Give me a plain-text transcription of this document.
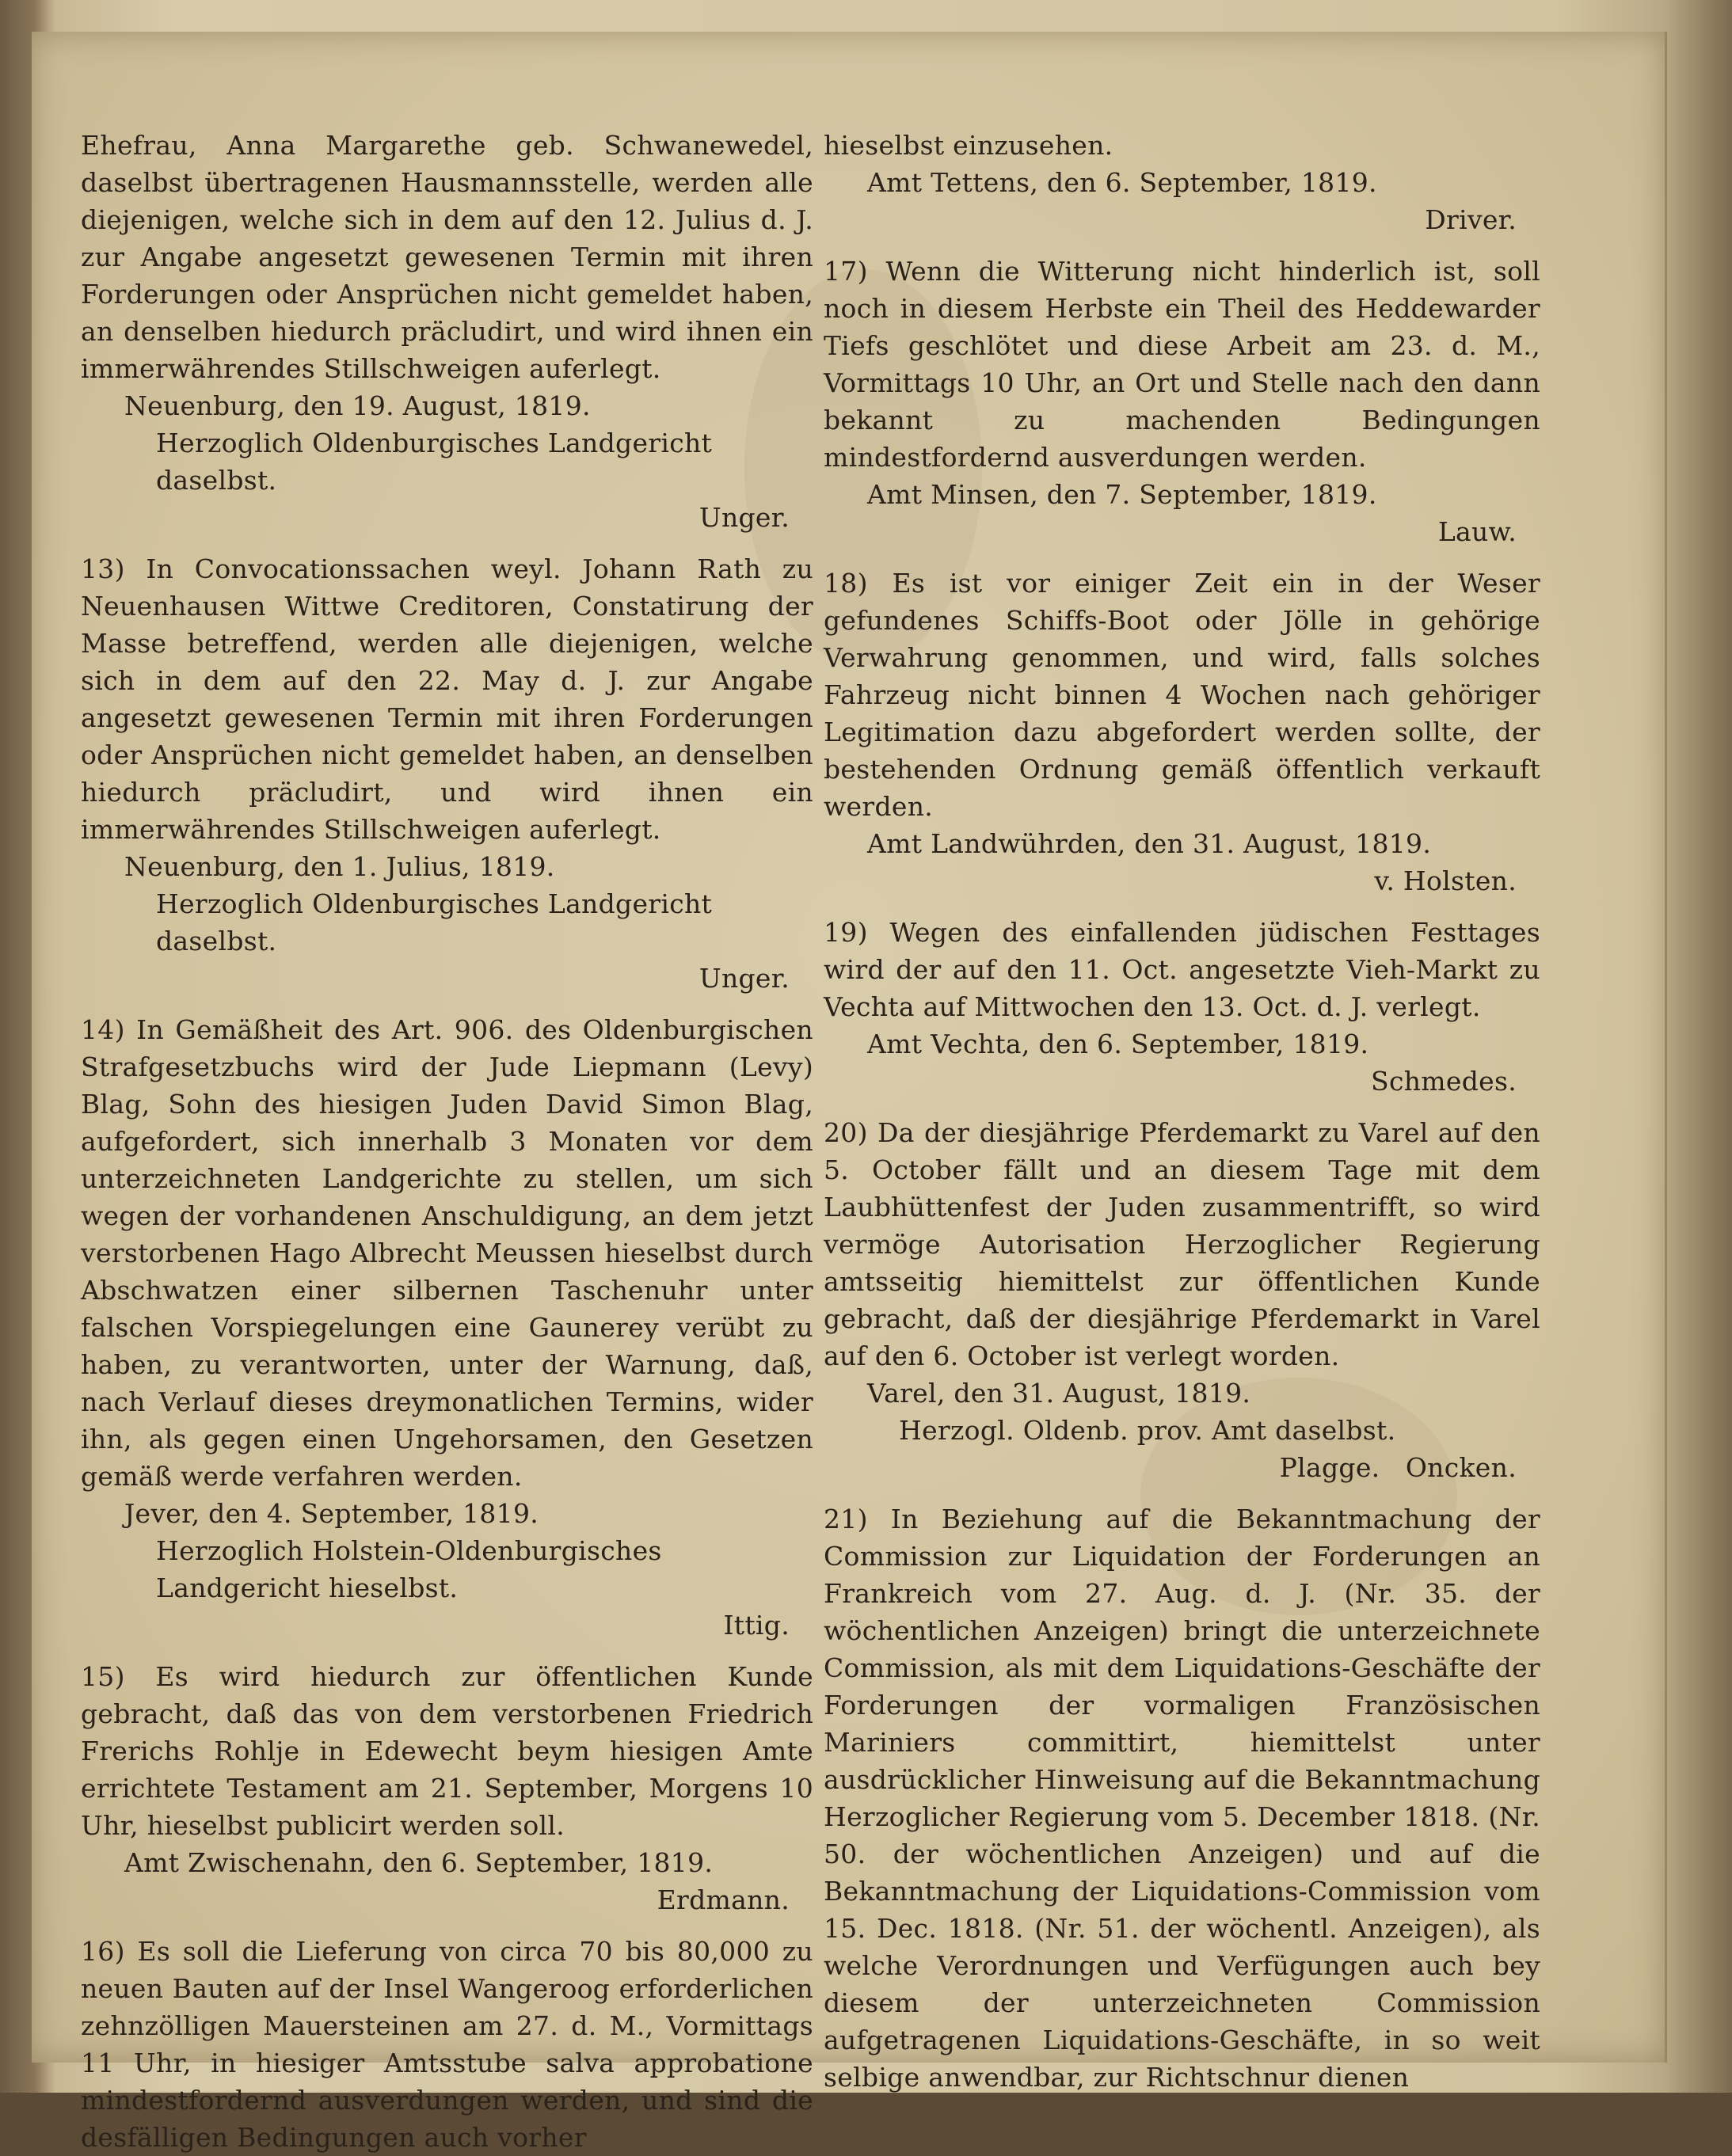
Ehefrau, Anna Margarethe geb. Schwanewedel, daselbst übertragenen Hausmannsstelle, werden alle diejenigen, welche sich in dem auf den 12. Julius d. J. zur Angabe angesetzt gewesenen Termin mit ihren Forderungen oder Ansprüchen nicht gemeldet haben, an denselben hiedurch präcludirt, und wird ihnen ein immerwährendes Stillschweigen auferlegt.

Neuenburg, den 19. August, 1819.
Herzoglich Oldenburgisches Landgericht daselbst.
Unger.

13) In Convocationssachen weyl. Johann Rath zu Neuenhausen Wittwe Creditoren, Constatirung der Masse betreffend, werden alle diejenigen, welche sich in dem auf den 22. May d. J. zur Angabe angesetzt gewesenen Termin mit ihren Forderungen oder Ansprüchen nicht gemeldet haben, an denselben hiedurch präcludirt, und wird ihnen ein immerwährendes Stillschweigen auferlegt.

Neuenburg, den 1. Julius, 1819.
Herzoglich Oldenburgisches Landgericht daselbst.
Unger.

14) In Gemäßheit des Art. 906. des Oldenburgischen Strafgesetzbuchs wird der Jude Liepmann (Levy) Blag, Sohn des hiesigen Juden David Simon Blag, aufgefordert, sich innerhalb 3 Monaten vor dem unterzeichneten Landgerichte zu stellen, um sich wegen der vorhandenen Anschuldigung, an dem jetzt verstorbenen Hago Albrecht Meussen hieselbst durch Abschwatzen einer silbernen Taschenuhr unter falschen Vorspiegelungen eine Gaunerey verübt zu haben, zu verantworten, unter der Warnung, daß, nach Verlauf dieses dreymonatlichen Termins, wider ihn, als gegen einen Ungehorsamen, den Gesetzen gemäß werde verfahren werden.

Jever, den 4. September, 1819.
Herzoglich Holstein-Oldenburgisches Landgericht hieselbst.
Ittig.

15) Es wird hiedurch zur öffentlichen Kunde gebracht, daß das von dem verstorbenen Friedrich Frerichs Rohlje in Edewecht beym hiesigen Amte errichtete Testament am 21. September, Morgens 10 Uhr, hieselbst publicirt werden soll.

Amt Zwischenahn, den 6. September, 1819.
Erdmann.

16) Es soll die Lieferung von circa 70 bis 80,000 zu neuen Bauten auf der Insel Wangeroog erforderlichen zehnzölligen Mauersteinen am 27. d. M., Vormittags 11 Uhr, in hiesiger Amtsstube salva approbatione mindestfordernd ausverdungen werden, und sind die desfälligen Bedingungen auch vorher

hieselbst einzusehen.

Amt Tettens, den 6. September, 1819.
Driver.

17) Wenn die Witterung nicht hinderlich ist, soll noch in diesem Herbste ein Theil des Heddewarder Tiefs geschlötet und diese Arbeit am 23. d. M., Vormittags 10 Uhr, an Ort und Stelle nach den dann bekannt zu machenden Bedingungen mindestfordernd ausverdungen werden.

Amt Minsen, den 7. September, 1819.
Lauw.

18) Es ist vor einiger Zeit ein in der Weser gefundenes Schiffs-Boot oder Jölle in gehörige Verwahrung genommen, und wird, falls solches Fahrzeug nicht binnen 4 Wochen nach gehöriger Legitimation dazu abgefordert werden sollte, der bestehenden Ordnung gemäß öffentlich verkauft werden.

Amt Landwührden, den 31. August, 1819.
v. Holsten.

19) Wegen des einfallenden jüdischen Festtages wird der auf den 11. Oct. angesetzte Vieh-Markt zu Vechta auf Mittwochen den 13. Oct. d. J. verlegt.

Amt Vechta, den 6. September, 1819.
Schmedes.

20) Da der diesjährige Pferdemarkt zu Varel auf den 5. October fällt und an diesem Tage mit dem Laubhüttenfest der Juden zusammentrifft, so wird vermöge Autorisation Herzoglicher Regierung amtsseitig hiemittelst zur öffentlichen Kunde gebracht, daß der diesjährige Pferdemarkt in Varel auf den 6. October ist verlegt worden.

Varel, den 31. August, 1819.
Herzogl. Oldenb. prov. Amt daselbst.
Plagge.   Oncken.

21) In Beziehung auf die Bekanntmachung der Commission zur Liquidation der Forderungen an Frankreich vom 27. Aug. d. J. (Nr. 35. der wöchentlichen Anzeigen) bringt die unterzeichnete Commission, als mit dem Liquidations-Geschäfte der Forderungen der vormaligen Französischen Mariniers committirt, hiemittelst unter ausdrücklicher Hinweisung auf die Bekanntmachung Herzoglicher Regierung vom 5. December 1818. (Nr. 50. der wöchentlichen Anzeigen) und auf die Bekanntmachung der Liquidations-Commission vom 15. Dec. 1818. (Nr. 51. der wöchentl. Anzeigen), als welche Verordnungen und Verfügungen auch bey diesem der unterzeichneten Commission aufgetragenen Liquidations-Geschäfte, in so weit selbige anwendbar, zur Richtschnur dienen
